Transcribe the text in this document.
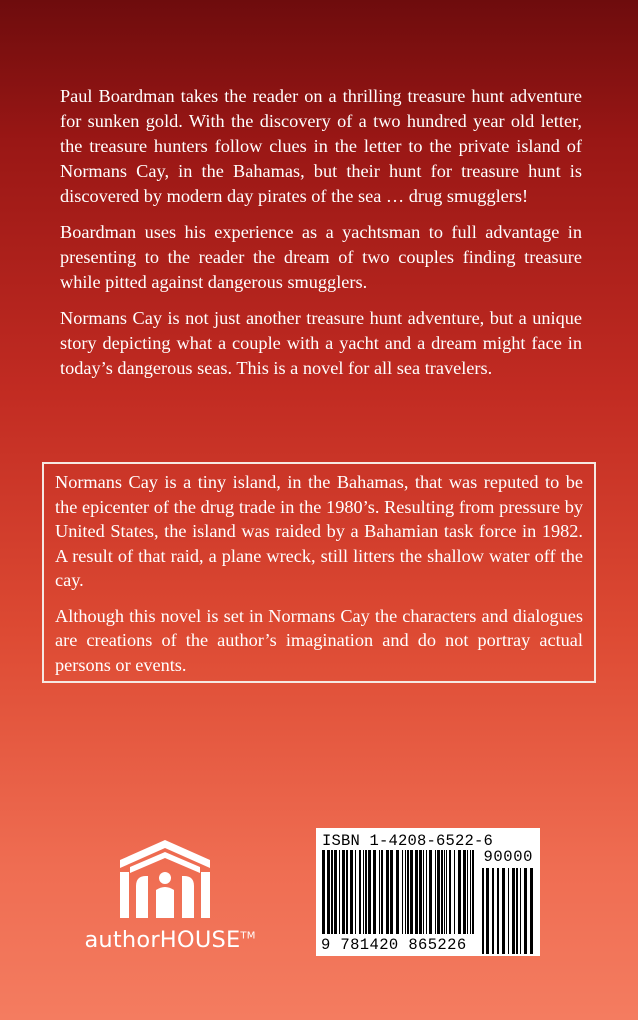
Paul Boardman takes the reader on a thrilling treasure hunt adventure for sunken gold. With the discovery of a two hundred year old letter, the treasure hunters follow clues in the letter to the private island of Normans Cay, in the Bahamas, but their hunt for treasure hunt is discovered by modern day pirates of the sea … drug smugglers!

Boardman uses his experience as a yachtsman to full advantage in presenting to the reader the dream of two couples finding treasure while pitted against dangerous smugglers.

Normans Cay is not just another treasure hunt adventure, but a unique story depicting what a couple with a yacht and a dream might face in today’s dangerous seas. This is a novel for all sea travelers.

Normans Cay is a tiny island, in the Bahamas, that was reputed to be the epicenter of the drug trade in the 1980’s. Resulting from pressure by United States, the island was raided by a Bahamian task force in 1982. A result of that raid, a plane wreck, still litters the shallow water off the cay.

Although this novel is set in Normans Cay the characters and dialogues are creations of the author’s imagination and do not portray actual persons or events.

authorHOUSE™
ISBN 1-4208-6522-6
90000
9 781420 865226
